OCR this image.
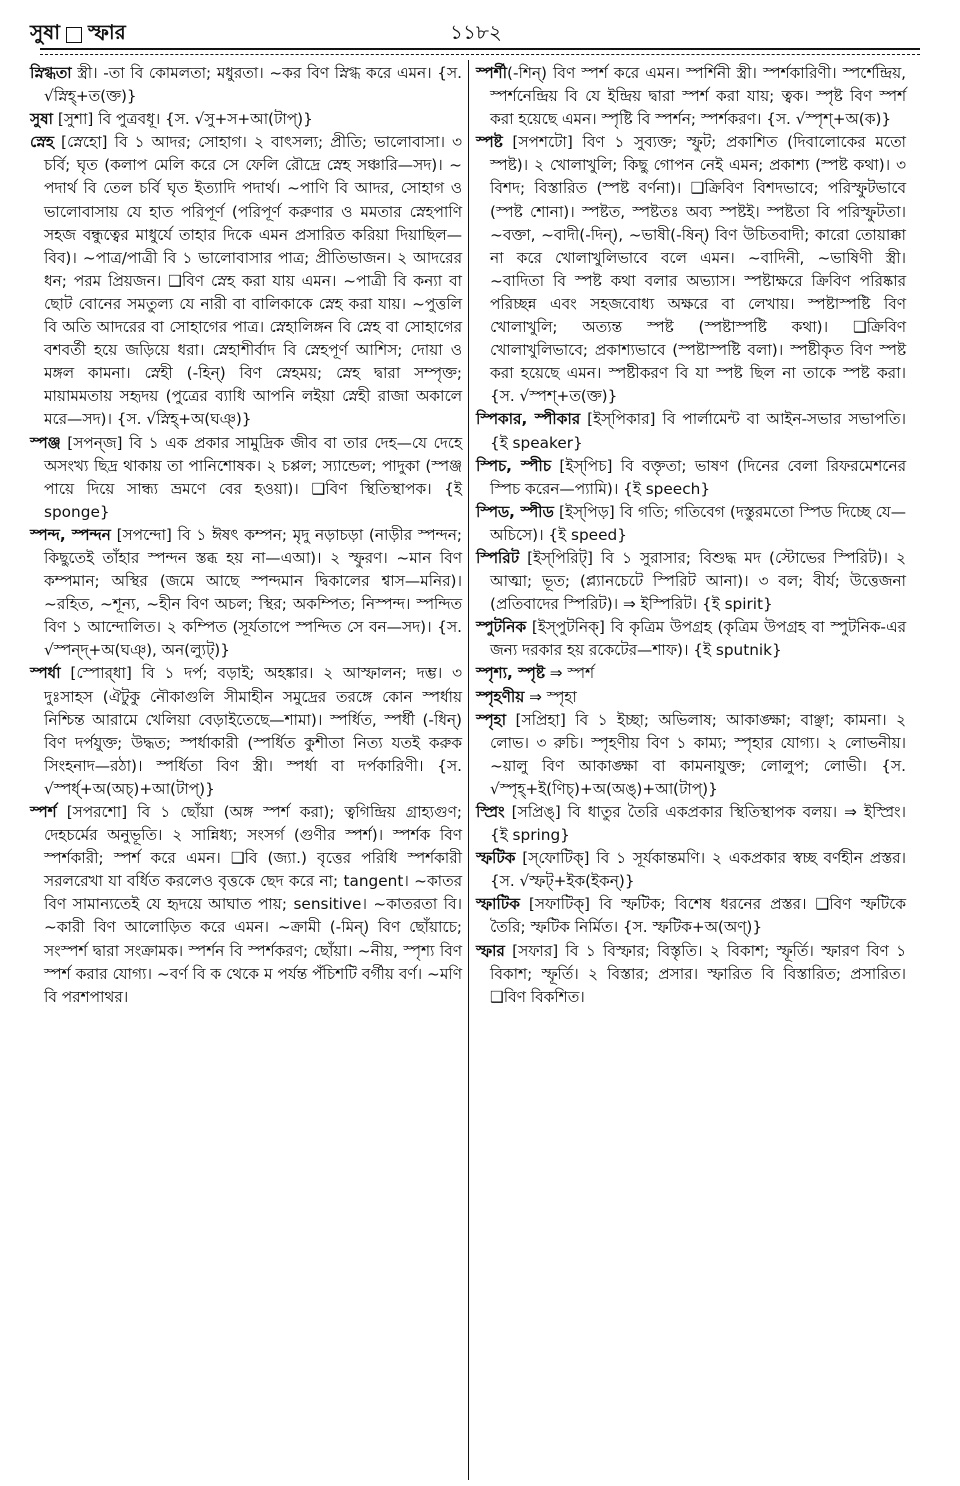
সুষা স্ফার	১১৮২
স্নিগ্ধতা স্ত্রী। -তা বি কোমলতা; মধুরতা। ~কর বিণ স্নিগ্ধ করে এমন। {স. √স্নিহ্‌+ত(ক্ত)}
সুষা [সুশা] বি পুত্রবধূ। {স. √সু+স+আ(টাপ্)}
স্নেহ [স্নেহো] বি ১ আদর; সোহাগ। ২ বাৎসল্য; প্রীতি; ভালোবাসা। ৩ চর্বি; ঘৃত (কলাপ মেলি করে সে ফেলি রৌদ্রে স্নেহ সঞ্চারি‍—সদ)। ~ পদার্থ বি তেল চর্বি ঘৃত ইত্যাদি পদার্থ। ~পাণি বি আদর, সোহাগ ও ভালোবাসায় যে হাত পরিপূর্ণ (পরিপূর্ণ করুণার ও মমতার স্নেহপাণি সহজ বন্ধুত্বের মাধুর্যে তাহার দিকে এমন প্রসারিত করিয়া দিয়াছিল—বিব)। ~পাত্র/পাত্রী বি ১ ভালোবাসার পাত্র; প্রীতিভাজন। ২ আদরের ধন; পরম প্রিয়জন। ❑বিণ স্নেহ করা যায় এমন। ~পাত্রী বি কন্যা বা ছোট বোনের সমতুল্য যে নারী বা বালিকাকে স্নেহ করা যায়। ~পুত্তলি বি অতি আদরের বা সোহাগের পাত্র। স্নেহালিঙ্গন বি স্নেহ বা সোহাগের বশবর্তী হয়ে জড়িয়ে ধরা। স্নেহাশীর্বাদ বি স্নেহপূর্ণ আশিস; দোয়া ও মঙ্গল কামনা। স্নেহী (-হিন্) বিণ স্নেহময়; স্নেহ দ্বারা সম্পৃক্ত; মায়ামমতায় সহৃদয় (পুত্রের ব্যাধি আপনি লইয়া স্নেহী রাজা অকালে মরে—সদ)। {স. √স্নিহ্‌+অ(ঘঞ্)}
স্পঞ্জ [সপন্‌জ] বি ১ এক প্রকার সামুদ্রিক জীব বা তার দেহ—যে দেহে অসংখ্য ছিদ্র থাকায় তা পানিশোষক। ২ চপ্পল; স্যান্ডেল; পাদুকা (স্পঞ্জ পায়ে দিয়ে সান্ধ্য ভ্রমণে বের হওয়া)। ❑বিণ স্থিতিস্থাপক। {ই sponge}
স্পন্দ, স্পন্দন [সপন্দো] বি ১ ঈষৎ কম্পন; মৃদু নড়াচড়া (নাড়ীর স্পন্দন; কিছুতেই তাঁহার স্পন্দন স্তব্ধ হয় না—এআ)। ২ স্ফুরণ। ~মান বিণ কম্পমান; অস্থির (জমে আছে স্পন্দমান দ্বিকালের শ্বাস—মনির)। ~রহিত, ~শূন্য, ~হীন বিণ অচল; স্থির; অকম্পিত; নিস্পন্দ। স্পন্দিত বিণ ১ আন্দোলিত। ২ কম্পিত (সূর্যতাপে স্পন্দিত সে বন—সদ)। {স. √স্পন্দ্‌+অ(ঘঞ্), অন(ল্যুট্)}
স্পর্ধা [স্পোর্‌ধা] বি ১ দর্প; বড়াই; অহঙ্কার। ২ আস্ফালন; দম্ভ। ৩ দুঃসাহস (ঐটুকু নৌকাগুলি সীমাহীন সমুদ্রের তরঙ্গে কোন স্পর্ধায় নিশ্চিন্ত আরামে খেলিয়া বেড়াইতেছে—শামা)। স্পর্ধিত, স্পর্ধী (-ধিন্) বিণ দর্পযুক্ত; উদ্ধত; স্পর্ধাকারী (স্পর্ধিত কুশীতা নিত্য যতই করুক সিংহনাদ—রঠা)। স্পর্ধিতা বিণ স্ত্রী। স্পর্ধা বা দর্পকারিণী। {স. √স্পর্ধ্‌+অ(অচ্)+আ(টাপ্)}
স্পর্শ [সপরশো] বি ১ ছোঁয়া (অঙ্গ স্পর্শ করা); ত্বগিন্দ্রিয় গ্রাহ্যগুণ; দেহচর্মের অনুভূতি। ২ সান্নিধ্য; সংসর্গ (গুণীর স্পর্শ)। স্পর্শক বিণ স্পর্শকারী; স্পর্শ করে এমন। ❑বি (জ্যা.) বৃত্তের পরিধি স্পর্শকারী সরলরেখা যা বর্ধিত করলেও বৃত্তকে ছেদ করে না; tangent। ~কাতর বিণ সামান্যতেই যে হৃদয়ে আঘাত পায়; sensitive। ~কাতরতা বি। ~কারী বিণ আলোড়িত করে এমন। ~ক্রামী (-মিন্) বিণ ছোঁয়াচে; সংস্পর্শ দ্বারা সংক্রামক। স্পর্শন বি স্পর্শকরণ; ছোঁয়া। ~নীয়, স্পৃশ্য বিণ স্পর্শ করার যোগ্য। ~বর্ণ বি ক থেকে ম পর্যন্ত পঁচিশটি বর্গীয় বর্ণ। ~মণি বি পরশপাথর।
স্পর্শী(-শিন্) বিণ স্পর্শ করে এমন। স্পর্শিনী স্ত্রী। স্পর্শকারিণী। স্পর্শেন্দ্রিয়, স্পর্শনেন্দ্রিয় বি যে ইন্দ্রিয় দ্বারা স্পর্শ করা যায়; ত্বক। স্পৃষ্ট বিণ স্পর্শ করা হয়েছে এমন। স্পৃষ্টি বি স্পর্শন; স্পর্শকরণ। {স. √স্পৃশ্‌+অ(ক)}
স্পষ্ট [সপশটো] বিণ ১ সুব্যক্ত; স্ফুট; প্রকাশিত (দিবালোকের মতো স্পষ্ট)। ২ খোলাখুলি; কিছু গোপন নেই এমন; প্রকাশ্য (স্পষ্ট কথা)। ৩ বিশদ; বিস্তারিত (স্পষ্ট বর্ণনা)। ❑ক্রিবিণ বিশদভাবে; পরিস্ফুটভাবে (স্পষ্ট শোনা)। স্পষ্টত, স্পষ্টতঃ অব্য স্পষ্টই। স্পষ্টতা বি পরিস্ফুটতা। ~বক্তা, ~বাদী(-দিন্), ~ভাষী(-ষিন্) বিণ উচিতবাদী; কারো তোয়াক্কা না করে খোলাখুলিভাবে বলে এমন। ~বাদিনী, ~ভাষিণী স্ত্রী। ~বাদিতা বি স্পষ্ট কথা বলার অভ্যাস। স্পষ্টাক্ষরে ক্রিবিণ পরিষ্কার পরিচ্ছন্ন এবং সহজবোধ্য অক্ষরে বা লেখায়। স্পষ্টাস্পষ্টি বিণ খোলাখুলি; অত্যন্ত স্পষ্ট (স্পষ্টাস্পষ্টি কথা)। ❑ক্রিবিণ খোলাখুলিভাবে; প্রকাশ্যভাবে (স্পষ্টাস্পষ্টি বলা)। স্পষ্টীকৃত বিণ স্পষ্ট করা হয়েছে এমন। স্পষ্টীকরণ বি যা স্পষ্ট ছিল না তাকে স্পষ্ট করা। {স. √স্পশ্‌+ত(ক্ত)}
স্পিকার, স্পীকার [ইস্‌পিকার] বি পার্লামেন্ট বা আইন-সভার সভাপতি। {ই speaker}
স্পিচ, স্পীচ [ইস্‌পিচ] বি বক্তৃতা; ভাষণ (দিনের বেলা রিফরমেশনের স্পিচ করেন—প্যামি)। {ই speech}
স্পিড, স্পীড [ইস্‌পিড়] বি গতি; গতিবেগ (দস্তুরমতো স্পিড দিচ্ছে যে—অচিসে)। {ই speed}
স্পিরিট [ইস্‌পিরিট্] বি ১ সুরাসার; বিশুদ্ধ মদ (স্টোভের স্পিরিট)। ২ আত্মা; ভূত; (প্ল্যানচেটে স্পিরিট আনা)। ৩ বল; বীর্য; উত্তেজনা (প্রতিবাদের স্পিরিট)। ⇒ ইস্পিরিট। {ই spirit}
স্পুটনিক [ইস্‌পুটনিক্] বি কৃত্রিম উপগ্রহ (কৃত্রিম উপগ্রহ বা স্পুটনিক-এর জন্য দরকার হয় রকেটের—শাফ)। {ই sputnik}
স্পৃশ্য, স্পৃষ্ট ⇒ স্পর্শ
স্পৃহণীয় ⇒ স্পৃহা
স্পৃহা [সপ্রিহা] বি ১ ইচ্ছা; অভিলাষ; আকাঙ্ক্ষা; বাঞ্ছা; কামনা। ২ লোভ। ৩ রুচি। স্পৃহণীয় বিণ ১ কাম্য; স্পৃহার যোগ্য। ২ লোভনীয়। ~য়ালু বিণ আকাঙ্ক্ষা বা কামনাযুক্ত; লোলুপ; লোভী। {স. √স্পৃহ্‌+ই(ণিচ্)+অ(অঙ্)+আ(টাপ্)}
স্প্রিং [সপ্রিঙ্] বি ধাতুর তৈরি একপ্রকার স্থিতিস্থাপক বলয়। ⇒ ইস্প্রিং। {ই spring}
স্ফটিক [স্‌ফোটিক্] বি ১ সূর্যকান্তমণি। ২ একপ্রকার স্বচ্ছ বর্ণহীন প্রস্তর। {স. √স্ফট্‌+ইক(ইকন্)}
স্ফাটিক [সফাটিক্] বি স্ফটিক; বিশেষ ধরনের প্রস্তর। ❑বিণ স্ফটিকে তৈরি; স্ফটিক নির্মিত। {স. স্ফটিক+অ(অণ্)}
স্ফার [সফার] বি ১ বিস্ফার; বিস্তৃতি। ২ বিকাশ; স্ফূর্তি। স্ফারণ বিণ ১ বিকাশ; স্ফূর্তি। ২ বিস্তার; প্রসার। স্ফারিত বি বিস্তারিত; প্রসারিত। ❑বিণ বিকশিত।
